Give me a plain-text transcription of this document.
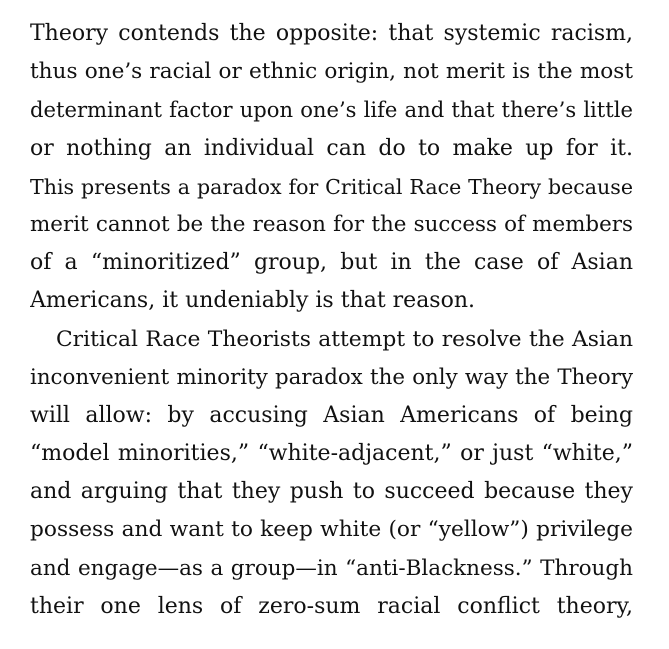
Theory contends the opposite: that systemic racism,
thus one’s racial or ethnic origin, not merit is the most
determinant factor upon one’s life and that there’s little
or nothing an individual can do to make up for it.
This presents a paradox for Critical Race Theory because
merit cannot be the reason for the success of members
of a “minoritized” group, but in the case of Asian
Americans, it undeniably is that reason.
Critical Race Theorists attempt to resolve the Asian
inconvenient minority paradox the only way the Theory
will allow: by accusing Asian Americans of being
“model minorities,” “white-adjacent,” or just “white,”
and arguing that they push to succeed because they
possess and want to keep white (or “yellow”) privilege
and engage—as a group—in “anti-Blackness.” Through
their one lens of zero-sum racial conflict theory,
